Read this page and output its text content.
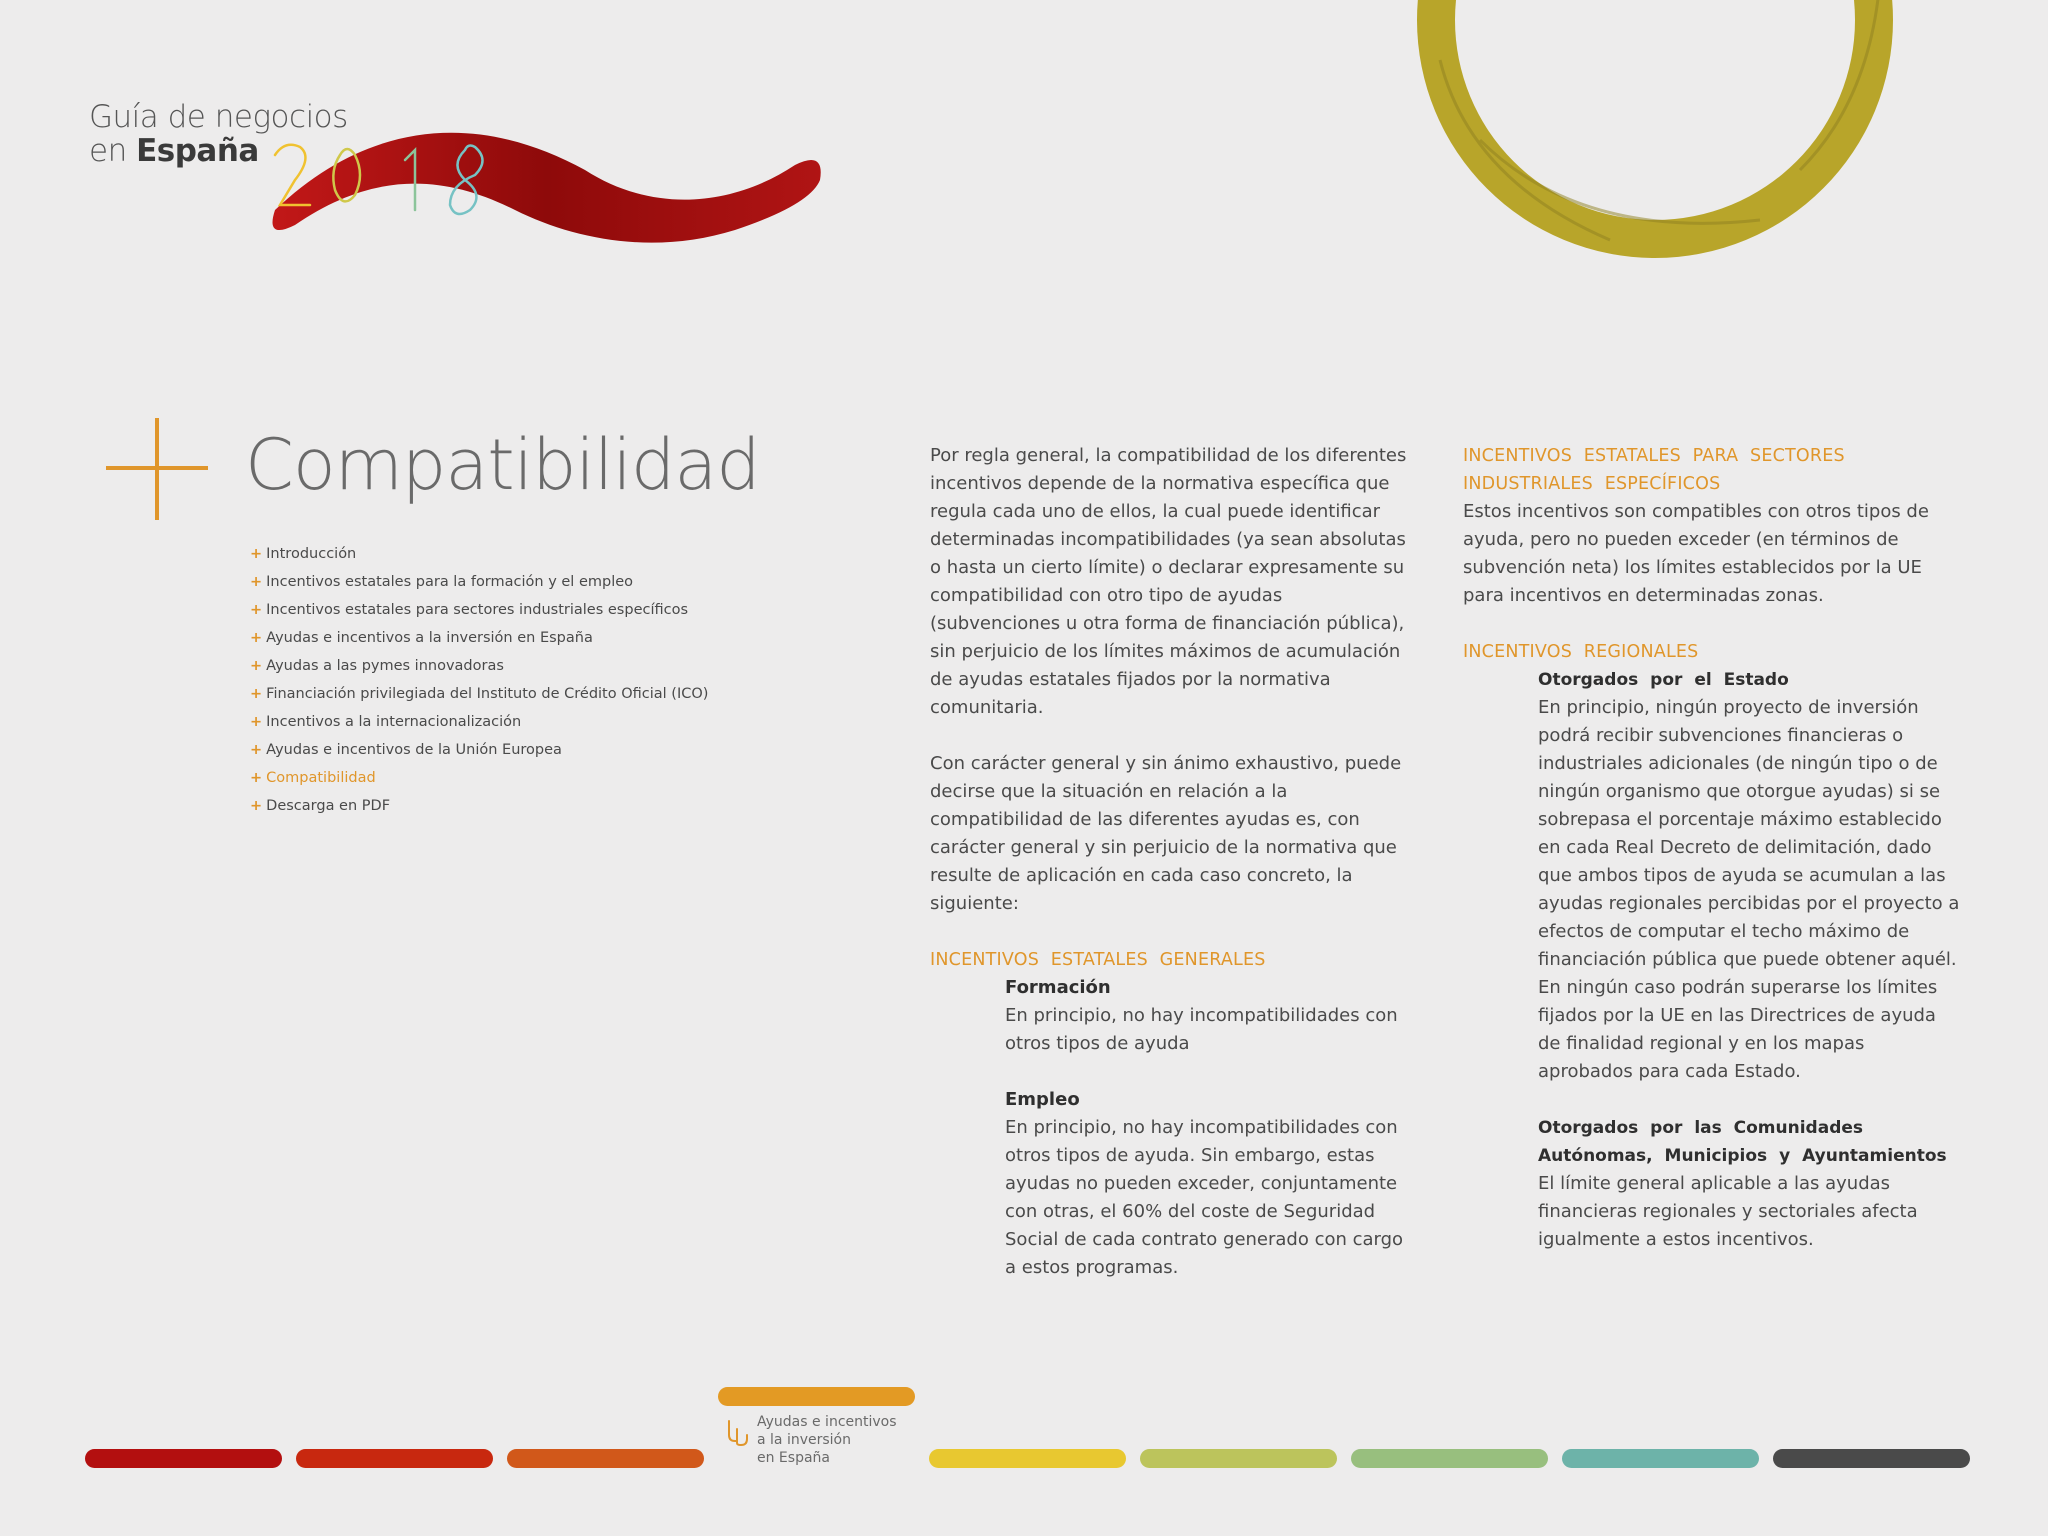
Guía de negocios
en España
Compatibilidad
+ Introducción
+ Incentivos estatales para la formación y el empleo
+ Incentivos estatales para sectores industriales específicos
+ Ayudas e incentivos a la inversión en España
+ Ayudas a las pymes innovadoras
+ Financiación privilegiada del Instituto de Crédito Oficial (ICO)
+ Incentivos a la internacionalización
+ Ayudas e incentivos de la Unión Europea
+ Compatibilidad
+ Descarga en PDF

Por regla general, la compatibilidad de los diferentes incentivos depende de la normativa específica que regula cada uno de ellos, la cual puede identificar determinadas incompatibilidades (ya sean absolutas o hasta un cierto límite) o declarar expresamente su compatibilidad con otro tipo de ayudas (subvenciones u otra forma de financiación pública), sin perjuicio de los límites máximos de acumulación de ayudas estatales fijados por la normativa comunitaria.

Con carácter general y sin ánimo exhaustivo, puede decirse que la situación en relación a la compatibilidad de las diferentes ayudas es, con carácter general y sin perjuicio de la normativa que resulte de aplicación en cada caso concreto, la siguiente:

INCENTIVOS ESTATALES GENERALES

Formación

En principio, no hay incompatibilidades con otros tipos de ayuda

Empleo

En principio, no hay incompatibilidades con otros tipos de ayuda. Sin embargo, estas ayudas no pueden exceder, conjuntamente con otras, el 60% del coste de Seguridad Social de cada contrato generado con cargo a estos programas.

INCENTIVOS ESTATALES PARA SECTORES INDUSTRIALES ESPECÍFICOS

Estos incentivos son compatibles con otros tipos de ayuda, pero no pueden exceder (en términos de subvención neta) los límites establecidos por la UE para incentivos en determinadas zonas.

INCENTIVOS REGIONALES

Otorgados por el Estado

En principio, ningún proyecto de inversión podrá recibir subvenciones financieras o industriales adicionales (de ningún tipo o de ningún organismo que otorgue ayudas) si se sobrepasa el porcentaje máximo establecido en cada Real Decreto de delimitación, dado que ambos tipos de ayuda se acumulan a las ayudas regionales percibidas por el proyecto a efectos de computar el techo máximo de financiación pública que puede obtener aquél. En ningún caso podrán superarse los límites fijados por la UE en las Directrices de ayuda de finalidad regional y en los mapas aprobados para cada Estado.

Otorgados por las Comunidades Autónomas, Municipios y Ayuntamientos

El límite general aplicable a las ayudas financieras regionales y sectoriales afecta igualmente a estos incentivos.

Ayudas e incentivos
a la inversión
en España
